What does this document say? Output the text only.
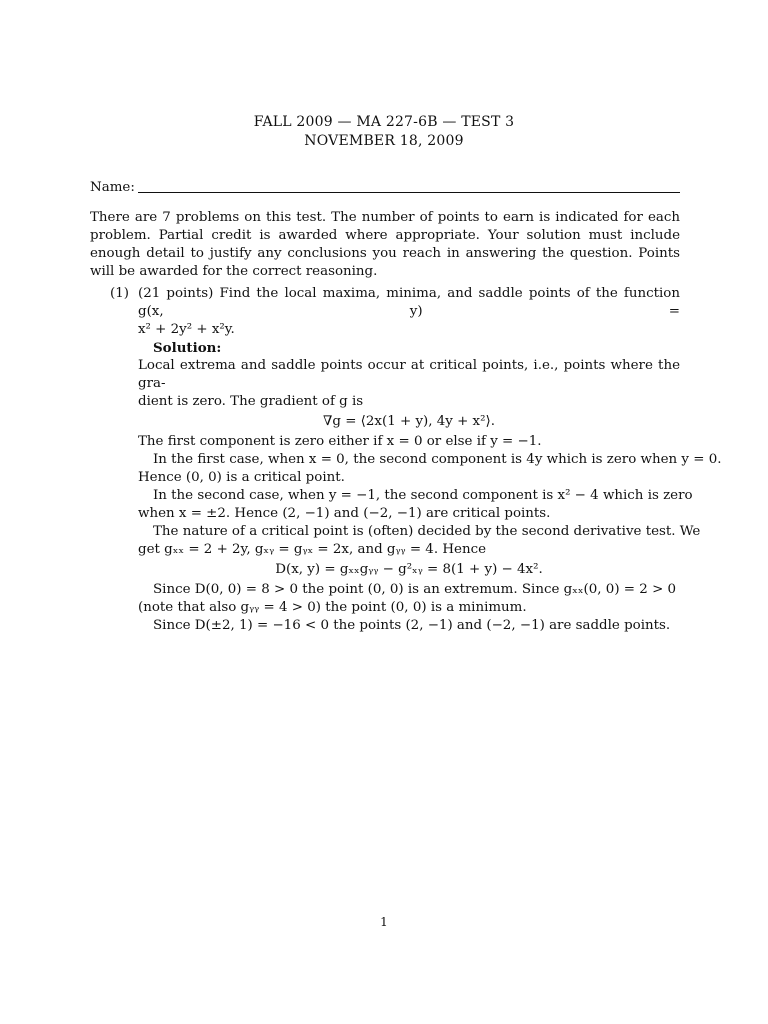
FALL 2009 — MA 227-6B — TEST 3
NOVEMBER 18, 2009
Name:
There are 7 problems on this test. The number of points to earn is indicated for each problem. Partial credit is awarded where appropriate. Your solution must include enough detail to justify any conclusions you reach in answering the question. Points will be awarded for the correct reasoning.
(1) (21 points) Find the local maxima, minima, and saddle points of the function g(x, y) =
x² + 2y² + x²y.
Solution:
Local extrema and saddle points occur at critical points, i.e., points where the gra-
dient is zero. The gradient of g is
∇g = ⟨2x(1 + y), 4y + x²⟩.
The first component is zero either if x = 0 or else if y = −1.
In the first case, when x = 0, the second component is 4y which is zero when y = 0.
Hence (0, 0) is a critical point.
In the second case, when y = −1, the second component is x² − 4 which is zero
when x = ±2. Hence (2, −1) and (−2, −1) are critical points.
The nature of a critical point is (often) decided by the second derivative test. We
get gₓₓ = 2 + 2y, gₓᵧ = gᵧₓ = 2x, and gᵧᵧ = 4. Hence
D(x, y) = gₓₓgᵧᵧ − g²ₓᵧ = 8(1 + y) − 4x².
Since D(0, 0) = 8 > 0 the point (0, 0) is an extremum. Since gₓₓ(0, 0) = 2 > 0
(note that also gᵧᵧ = 4 > 0) the point (0, 0) is a minimum.
Since D(±2, 1) = −16 < 0 the points (2, −1) and (−2, −1) are saddle points.
1
